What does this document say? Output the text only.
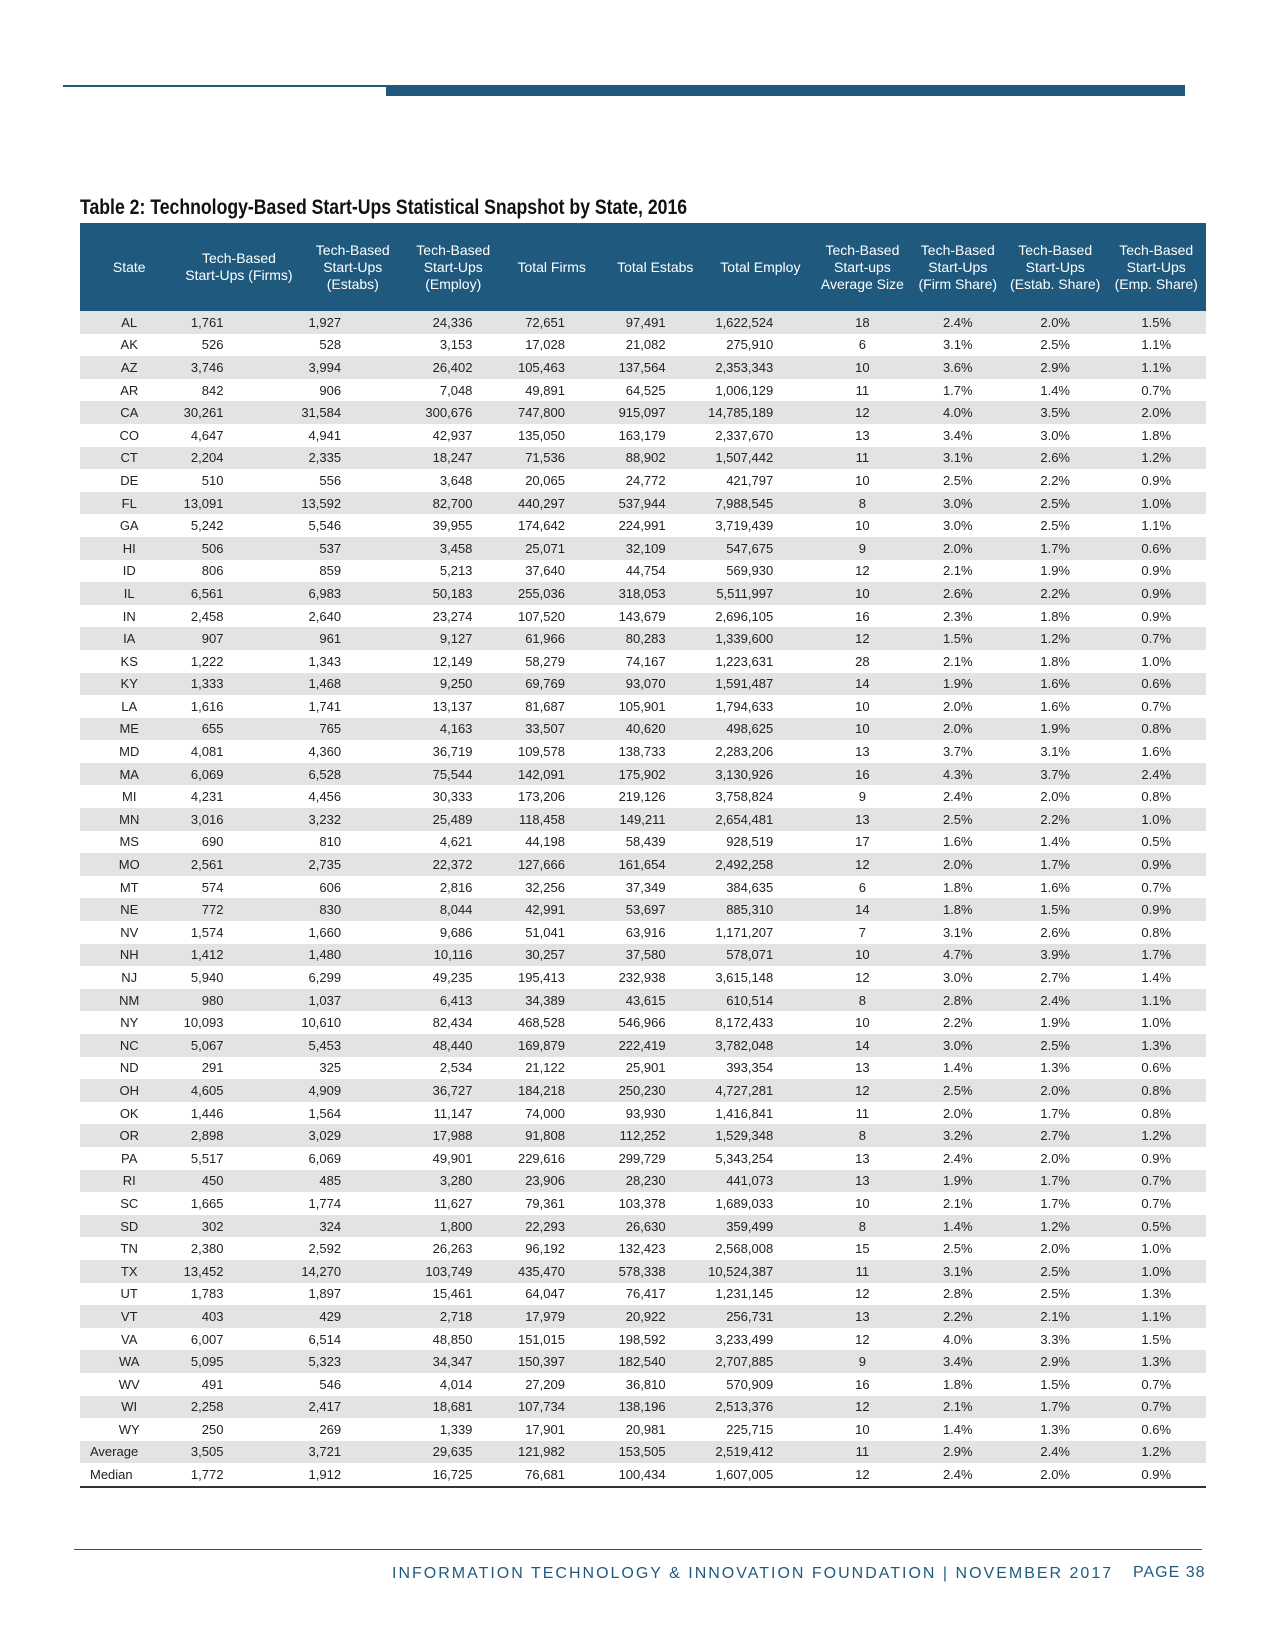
Table 2: Technology-Based Start-Ups Statistical Snapshot by State, 2016
State	Tech-Based Start-Ups (Firms)	Tech-Based Start-Ups (Estabs)	Tech-Based Start-Ups (Employ)	Total Firms	Total Estabs	Total Employ	Tech-Based Start-ups Average Size	Tech-Based Start-Ups (Firm Share)	Tech-Based Start-Ups (Estab. Share)	Tech-Based Start-Ups (Emp. Share)
AL	1,761	1,927	24,336	72,651	97,491	1,622,524	18	2.4%	2.0%	1.5%
AK	526	528	3,153	17,028	21,082	275,910	6	3.1%	2.5%	1.1%
AZ	3,746	3,994	26,402	105,463	137,564	2,353,343	10	3.6%	2.9%	1.1%
AR	842	906	7,048	49,891	64,525	1,006,129	11	1.7%	1.4%	0.7%
CA	30,261	31,584	300,676	747,800	915,097	14,785,189	12	4.0%	3.5%	2.0%
CO	4,647	4,941	42,937	135,050	163,179	2,337,670	13	3.4%	3.0%	1.8%
CT	2,204	2,335	18,247	71,536	88,902	1,507,442	11	3.1%	2.6%	1.2%
DE	510	556	3,648	20,065	24,772	421,797	10	2.5%	2.2%	0.9%
FL	13,091	13,592	82,700	440,297	537,944	7,988,545	8	3.0%	2.5%	1.0%
GA	5,242	5,546	39,955	174,642	224,991	3,719,439	10	3.0%	2.5%	1.1%
HI	506	537	3,458	25,071	32,109	547,675	9	2.0%	1.7%	0.6%
ID	806	859	5,213	37,640	44,754	569,930	12	2.1%	1.9%	0.9%
IL	6,561	6,983	50,183	255,036	318,053	5,511,997	10	2.6%	2.2%	0.9%
IN	2,458	2,640	23,274	107,520	143,679	2,696,105	16	2.3%	1.8%	0.9%
IA	907	961	9,127	61,966	80,283	1,339,600	12	1.5%	1.2%	0.7%
KS	1,222	1,343	12,149	58,279	74,167	1,223,631	28	2.1%	1.8%	1.0%
KY	1,333	1,468	9,250	69,769	93,070	1,591,487	14	1.9%	1.6%	0.6%
LA	1,616	1,741	13,137	81,687	105,901	1,794,633	10	2.0%	1.6%	0.7%
ME	655	765	4,163	33,507	40,620	498,625	10	2.0%	1.9%	0.8%
MD	4,081	4,360	36,719	109,578	138,733	2,283,206	13	3.7%	3.1%	1.6%
MA	6,069	6,528	75,544	142,091	175,902	3,130,926	16	4.3%	3.7%	2.4%
MI	4,231	4,456	30,333	173,206	219,126	3,758,824	9	2.4%	2.0%	0.8%
MN	3,016	3,232	25,489	118,458	149,211	2,654,481	13	2.5%	2.2%	1.0%
MS	690	810	4,621	44,198	58,439	928,519	17	1.6%	1.4%	0.5%
MO	2,561	2,735	22,372	127,666	161,654	2,492,258	12	2.0%	1.7%	0.9%
MT	574	606	2,816	32,256	37,349	384,635	6	1.8%	1.6%	0.7%
NE	772	830	8,044	42,991	53,697	885,310	14	1.8%	1.5%	0.9%
NV	1,574	1,660	9,686	51,041	63,916	1,171,207	7	3.1%	2.6%	0.8%
NH	1,412	1,480	10,116	30,257	37,580	578,071	10	4.7%	3.9%	1.7%
NJ	5,940	6,299	49,235	195,413	232,938	3,615,148	12	3.0%	2.7%	1.4%
NM	980	1,037	6,413	34,389	43,615	610,514	8	2.8%	2.4%	1.1%
NY	10,093	10,610	82,434	468,528	546,966	8,172,433	10	2.2%	1.9%	1.0%
NC	5,067	5,453	48,440	169,879	222,419	3,782,048	14	3.0%	2.5%	1.3%
ND	291	325	2,534	21,122	25,901	393,354	13	1.4%	1.3%	0.6%
OH	4,605	4,909	36,727	184,218	250,230	4,727,281	12	2.5%	2.0%	0.8%
OK	1,446	1,564	11,147	74,000	93,930	1,416,841	11	2.0%	1.7%	0.8%
OR	2,898	3,029	17,988	91,808	112,252	1,529,348	8	3.2%	2.7%	1.2%
PA	5,517	6,069	49,901	229,616	299,729	5,343,254	13	2.4%	2.0%	0.9%
RI	450	485	3,280	23,906	28,230	441,073	13	1.9%	1.7%	0.7%
SC	1,665	1,774	11,627	79,361	103,378	1,689,033	10	2.1%	1.7%	0.7%
SD	302	324	1,800	22,293	26,630	359,499	8	1.4%	1.2%	0.5%
TN	2,380	2,592	26,263	96,192	132,423	2,568,008	15	2.5%	2.0%	1.0%
TX	13,452	14,270	103,749	435,470	578,338	10,524,387	11	3.1%	2.5%	1.0%
UT	1,783	1,897	15,461	64,047	76,417	1,231,145	12	2.8%	2.5%	1.3%
VT	403	429	2,718	17,979	20,922	256,731	13	2.2%	2.1%	1.1%
VA	6,007	6,514	48,850	151,015	198,592	3,233,499	12	4.0%	3.3%	1.5%
WA	5,095	5,323	34,347	150,397	182,540	2,707,885	9	3.4%	2.9%	1.3%
WV	491	546	4,014	27,209	36,810	570,909	16	1.8%	1.5%	0.7%
WI	2,258	2,417	18,681	107,734	138,196	2,513,376	12	2.1%	1.7%	0.7%
WY	250	269	1,339	17,901	20,981	225,715	10	1.4%	1.3%	0.6%
Average	3,505	3,721	29,635	121,982	153,505	2,519,412	11	2.9%	2.4%	1.2%
Median	1,772	1,912	16,725	76,681	100,434	1,607,005	12	2.4%	2.0%	0.9%
INFORMATION TECHNOLOGY & INNOVATION FOUNDATION | NOVEMBER 2017 PAGE 38
